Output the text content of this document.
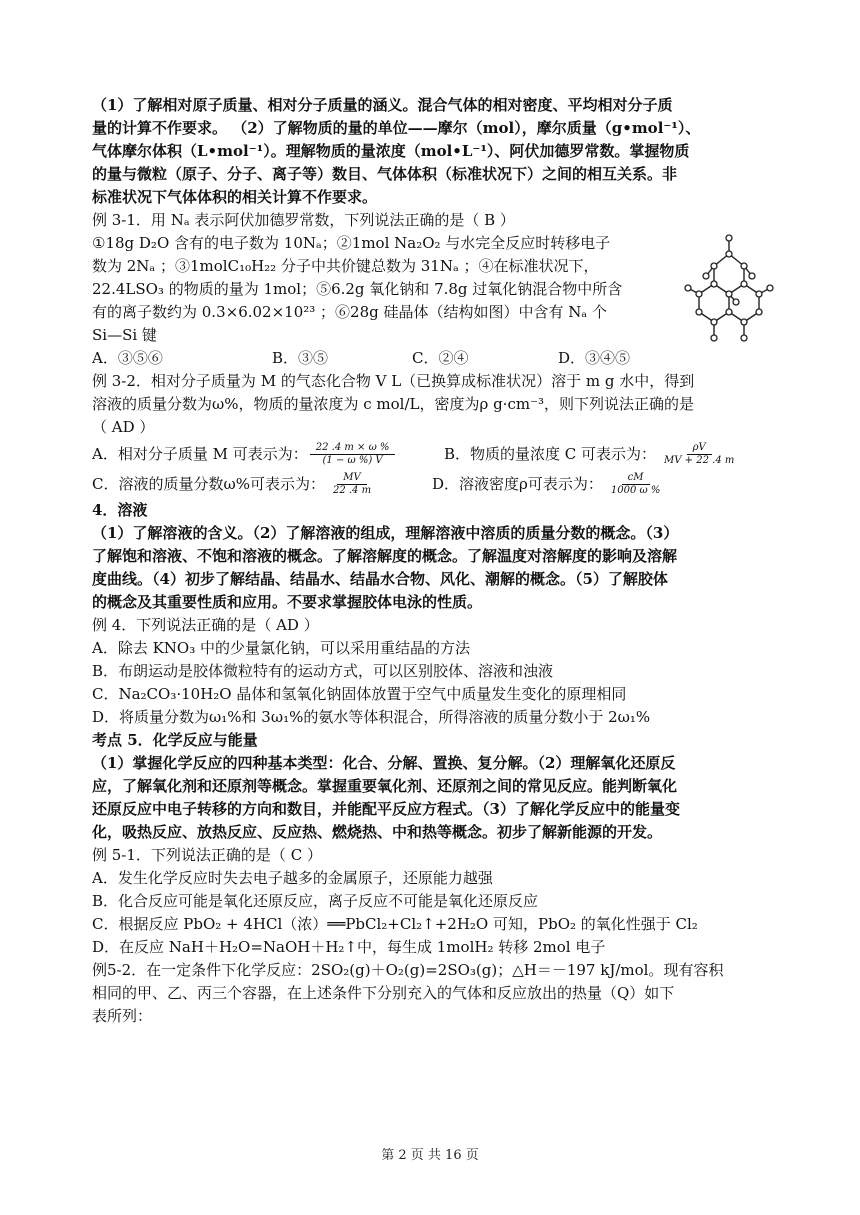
（1）了解相对原子质量、相对分子质量的涵义。混合气体的相对密度、平均相对分子质
量的计算不作要求。 （2）了解物质的量的单位——摩尔（mol），摩尔质量（g•mol⁻¹）、
气体摩尔体积（L•mol⁻¹）。理解物质的量浓度（mol•L⁻¹）、阿伏加德罗常数。掌握物质
的量与微粒（原子、分子、离子等）数目、气体体积（标准状况下）之间的相互关系。非
标准状况下气体体积的相关计算不作要求。
例 3-1．用 Nₐ 表示阿伏加德罗常数，下列说法正确的是（ B ）
①18g D₂O 含有的电子数为 10Nₐ；②1mol Na₂O₂ 与水完全反应时转移电子
数为 2Nₐ ；③1molC₁₀H₂₂ 分子中共价键总数为 31Nₐ ；④在标准状况下，
22.4LSO₃ 的物质的量为 1mol；⑤6.2g 氧化钠和 7.8g 过氧化钠混合物中所含
有的离子数约为 0.3×6.02×10²³ ；⑥28g 硅晶体（结构如图）中含有 Nₐ 个
Si—Si 键
A．③⑤⑥	B．③⑤	C．②④	D．③④⑤
例 3-2．相对分子质量为 M 的气态化合物 V L（已换算成标准状况）溶于 m g 水中，得到
溶液的质量分数为ω%，物质的量浓度为 c mol/L，密度为ρ g·cm⁻³，则下列说法正确的是
（ AD ）
A．相对分子质量 M 可表示为： $\frac{22 .4 m \times \omega \%}{(1 - \omega \%) V}$	B．物质的量浓度 C 可表示为： $\frac{\rho V}{MV + 22 .4 m}$
C．溶液的质量分数ω%可表示为： $\frac{MV}{22 .4 m}$	D．溶液密度ρ可表示为： $\frac{cM}{1000 \omega \%}$
4．溶液
（1）了解溶液的含义。（2）了解溶液的组成，理解溶液中溶质的质量分数的概念。（3）
了解饱和溶液、不饱和溶液的概念。了解溶解度的概念。了解温度对溶解度的影响及溶解
度曲线。（4）初步了解结晶、结晶水、结晶水合物、风化、潮解的概念。（5）了解胶体
的概念及其重要性质和应用。不要求掌握胶体电泳的性质。
例 4．下列说法正确的是（ AD ）
A．除去 KNO₃ 中的少量氯化钠，可以采用重结晶的方法
B．布朗运动是胶体微粒特有的运动方式，可以区别胶体、溶液和浊液
C．Na₂CO₃·10H₂O 晶体和氢氧化钠固体放置于空气中质量发生变化的原理相同
D．将质量分数为ω₁%和 3ω₁%的氨水等体积混合，所得溶液的质量分数小于 2ω₁%
考点 5．化学反应与能量
（1）掌握化学反应的四种基本类型：化合、分解、置换、复分解。（2）理解氧化还原反
应，了解氧化剂和还原剂等概念。掌握重要氧化剂、还原剂之间的常见反应。能判断氧化
还原反应中电子转移的方向和数目，并能配平反应方程式。（3）了解化学反应中的能量变
化，吸热反应、放热反应、反应热、燃烧热、中和热等概念。初步了解新能源的开发。
例 5-1．下列说法正确的是（ C ）
A．发生化学反应时失去电子越多的金属原子，还原能力越强
B．化合反应可能是氧化还原反应，离子反应不可能是氧化还原反应
C．根据反应 PbO₂ + 4HCl（浓）══PbCl₂+Cl₂↑+2H₂O 可知，PbO₂ 的氧化性强于 Cl₂
D．在反应 NaH＋H₂O=NaOH＋H₂↑中，每生成 1molH₂ 转移 2mol 电子
例5-2．在一定条件下化学反应：2SO₂(g)＋O₂(g)=2SO₃(g)；△H＝－197 kJ/mol。现有容积
相同的甲、乙、丙三个容器，在上述条件下分别充入的气体和反应放出的热量（Q）如下
表所列：
第 2 页 共 16 页
